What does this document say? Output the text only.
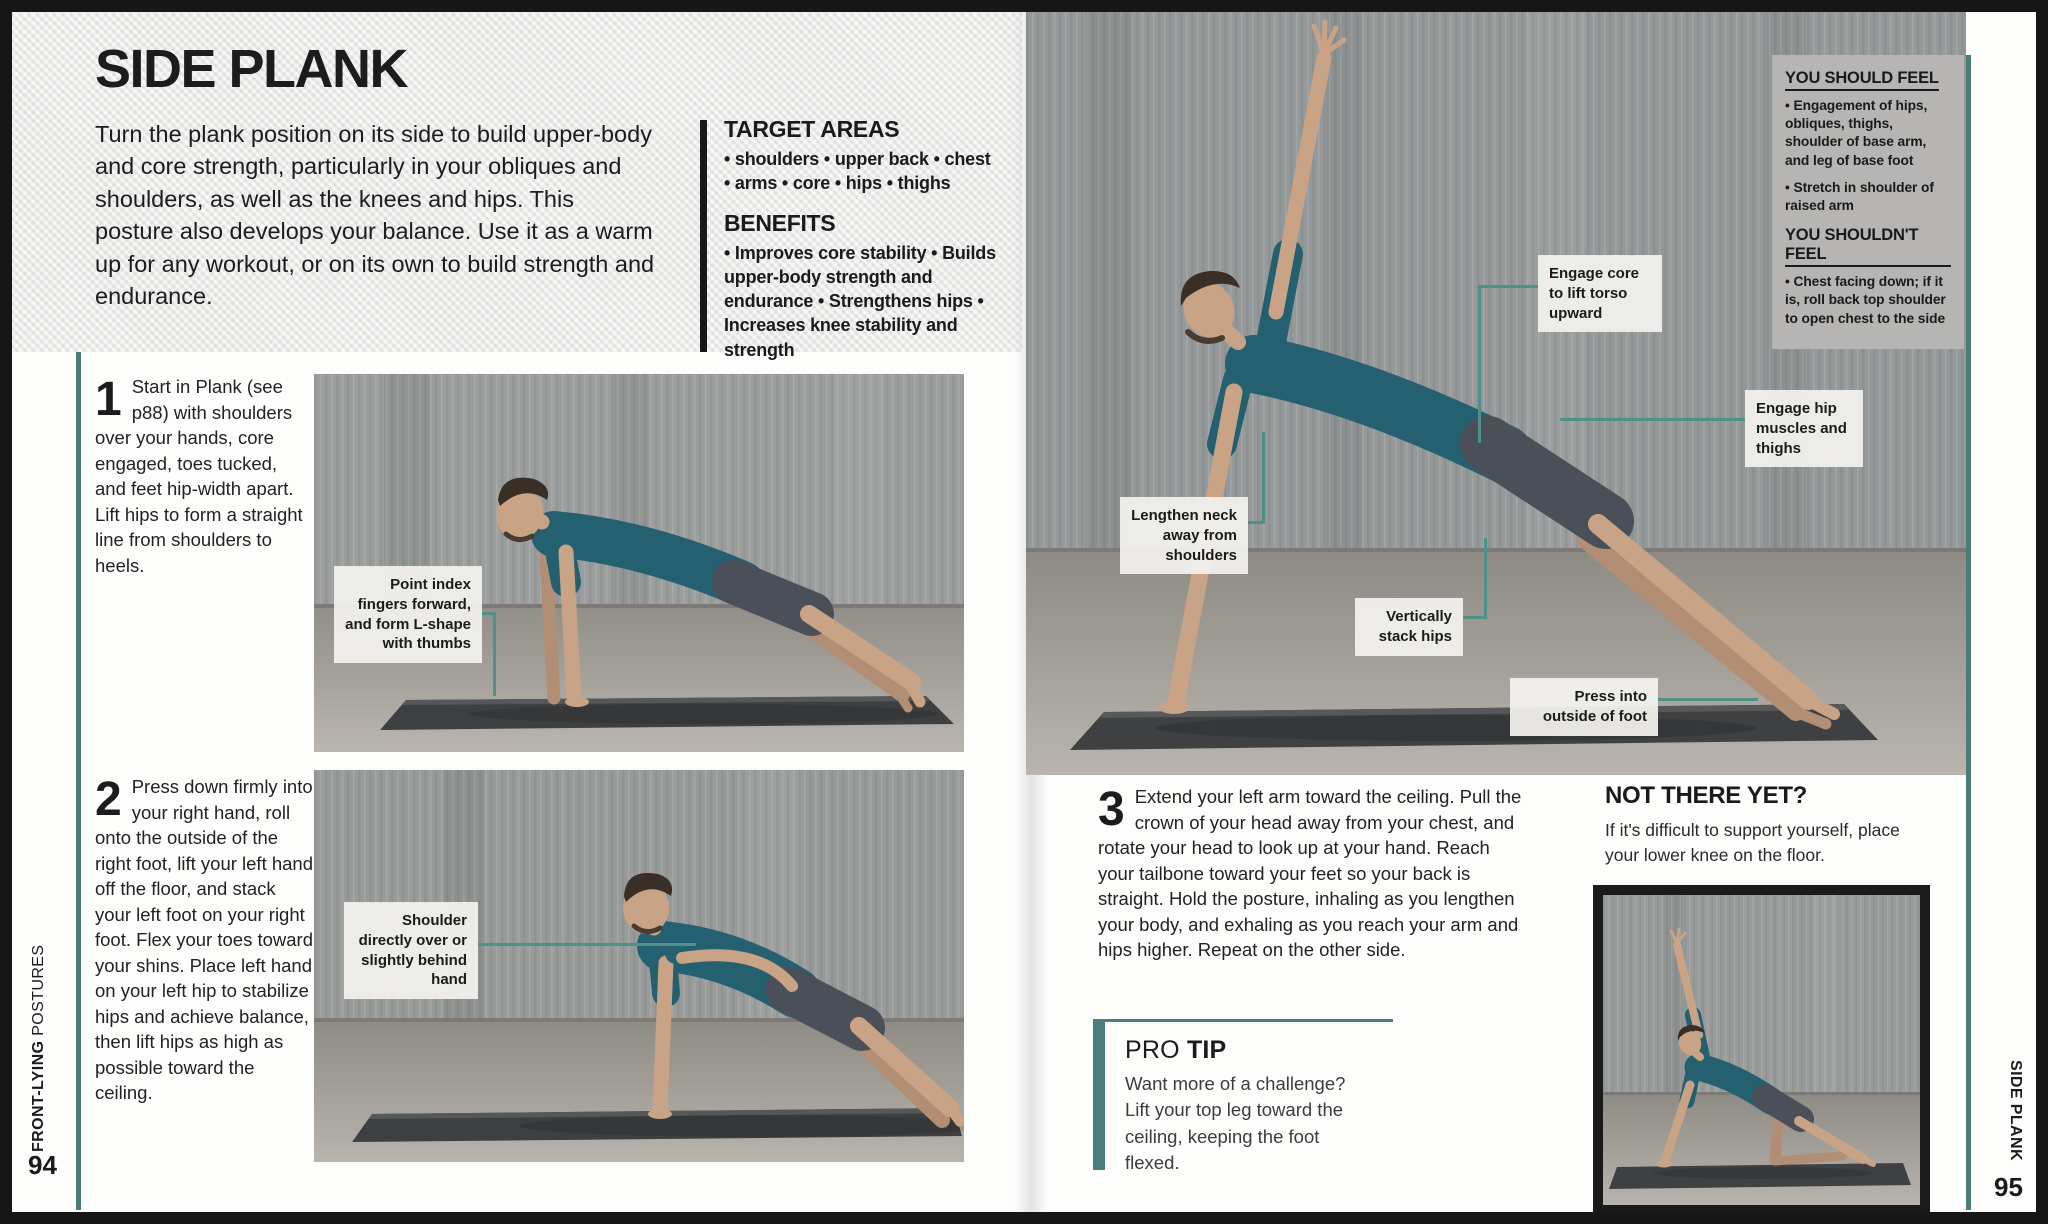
SIDE PLANK
Turn the plank position on its side to build upper-body and core strength, particularly in your obliques and shoulders, as well as the knees and hips. This posture also develops your balance. Use it as a warm up for any workout, or on its own to build strength and endurance.

TARGET AREAS

• shoulders • upper back • chest

• arms • core • hips • thighs

BENEFITS

• Improves core stability • Builds upper-body strength and endurance • Strengthens hips • Increases knee stability and strength

1 Start in Plank (see p88) with shoulders over your hands, core engaged, toes tucked, and feet hip-width apart. Lift hips to form a straight line from shoulders to heels.
Point index fingers forward, and form L-shape with thumbs
2 Press down firmly into your right hand, roll onto the outside of the right foot, lift your left hand off the floor, and stack your left foot on your right foot. Flex your toes toward your shins. Place left hand on your left hip to stabilize hips and achieve balance, then lift hips as high as possible toward the ceiling.
Shoulder directly over or slightly behind hand
FRONT-LYING POSTURES
94
YOU SHOULD FEEL

• Engagement of hips, obliques, thighs, shoulder of base arm, and leg of base foot

• Stretch in shoulder of raised arm

YOU SHOULDN'T FEEL

• Chest facing down; if it is, roll back top shoulder to open chest to the side

Engage core to lift torso upward
Engage hip muscles and thighs
Lengthen neck away from shoulders
Vertically stack hips
Press into outside of foot
3 Extend your left arm toward the ceiling. Pull the crown of your head away from your chest, and rotate your head to look up at your hand. Reach your tailbone toward your feet so your back is straight. Hold the posture, inhaling as you lengthen your body, and exhaling as you reach your arm and hips higher. Repeat on the other side.
PRO TIP

Want more of a challenge? Lift your top leg toward the ceiling, keeping the foot flexed.

NOT THERE YET?

If it's difficult to support yourself, place your lower knee on the floor.

SIDE PLANK
95
